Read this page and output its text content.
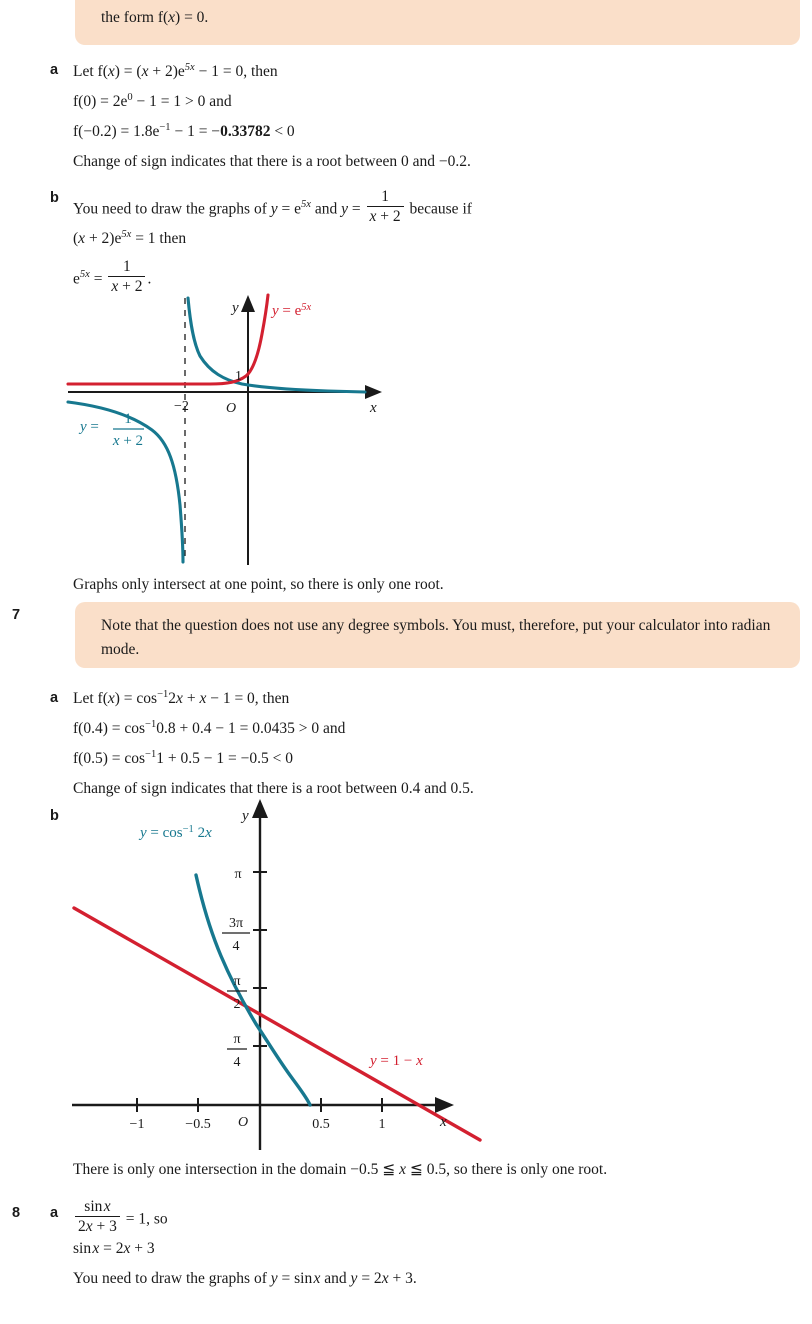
the form f(x) = 0.
a Let $f(x) = (x + 2)e^{5x} - 1 = 0$, then
$f(0) = 2e^0 - 1 = 1 > 0$ and
$f(-0.2) = 1.8e^{-1} - 1 = -0.33782 < 0$
Change of sign indicates that there is a root between 0 and −0.2.
b
You need to draw the graphs of $y = e^{5x}$ and $y = \frac{1}{x + 2}$ because if
$(x + 2)e^{5x} = 1$ then
$e^{5x} = \frac{1}{x + 2}$ .
y
x
O
−2
1
$y = e^{5x}$
y = 1
x + 2
Graphs only intersect at one point, so there is only one root.
7
Note that the question does not use any degree symbols. You must, therefore, put your calculator into radian mode.
a Let $f(x) = \cos^{-1}2x + x - 1 = 0$, then
$f(0.4) = \cos^{-1}0.8 + 0.4 - 1 = 0.0435 > 0$ and
$f(0.5) = \cos^{-1}1 + 0.5 - 1 = -0.5 < 0$
Change of sign indicates that there is a root between 0.4 and 0.5.
b	y
x
O
−1	−0.5	0.5	1
π
3π
4
π
2
π
4
$y = \cos^{-1} 2x$
y = 1 − x
There is only one intersection in the domain −0.5 ≦ x ≦ 0.5, so there is only one root.
8 a $\frac{\text{sin x}}{2x + 3} = 1$, so
sin x = 2x + 3
You need to draw the graphs of y = sin x and y = 2x + 3.
